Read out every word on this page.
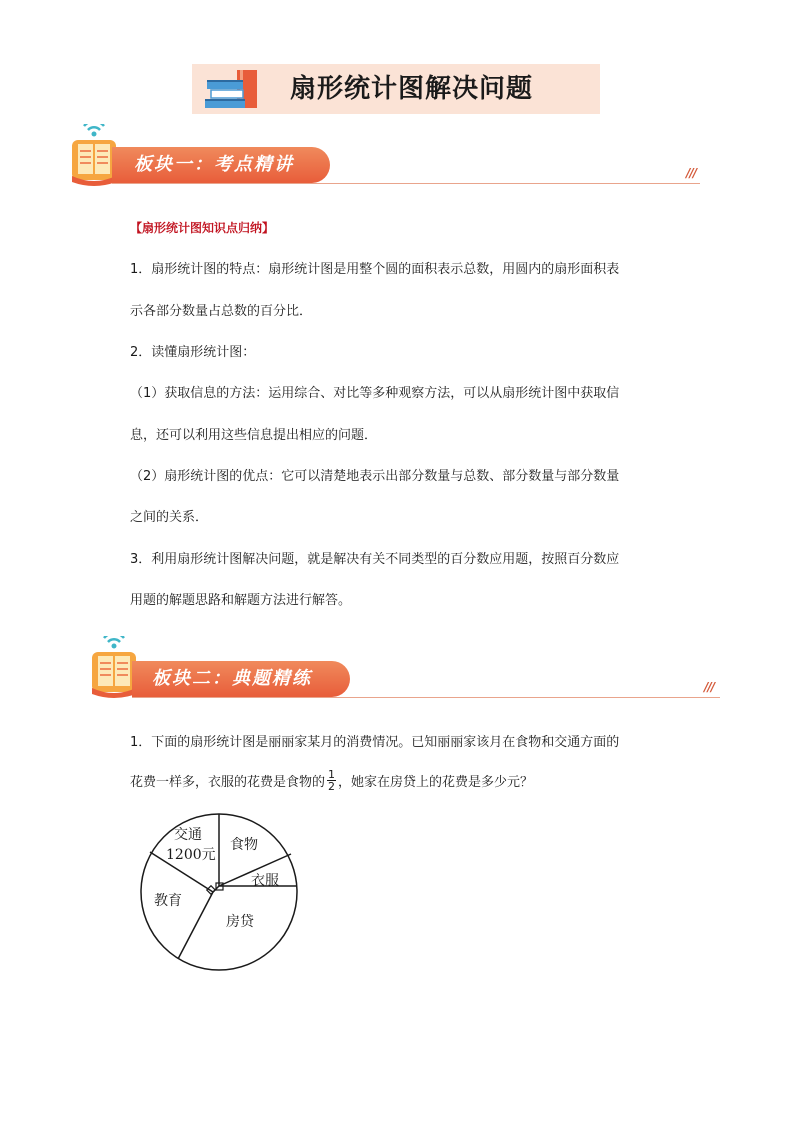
扇形统计图解决问题
板块一：考点精讲	///
【扇形统计图知识点归纳】
1．扇形统计图的特点：扇形统计图是用整个圆的面积表示总数，用圆内的扇形面积表
示各部分数量占总数的百分比．
2．读懂扇形统计图：
（1）获取信息的方法：运用综合、对比等多种观察方法，可以从扇形统计图中获取信
息，还可以利用这些信息提出相应的问题．
（2）扇形统计图的优点：它可以清楚地表示出部分数量与总数、部分数量与部分数量
之间的关系．
3．利用扇形统计图解决问题，就是解决有关不同类型的百分数应用题，按照百分数应
用题的解题思路和解题方法进行解答。
板块二：典题精练	///
1．下面的扇形统计图是丽丽家某月的消费情况。已知丽丽家该月在食物和交通方面的
花费一样多，衣服的花费是食物的 $\frac{1}{2}$ ，她家在房贷上的花费是多少元？
交通
1200元
食物
衣服
房贷
教育
